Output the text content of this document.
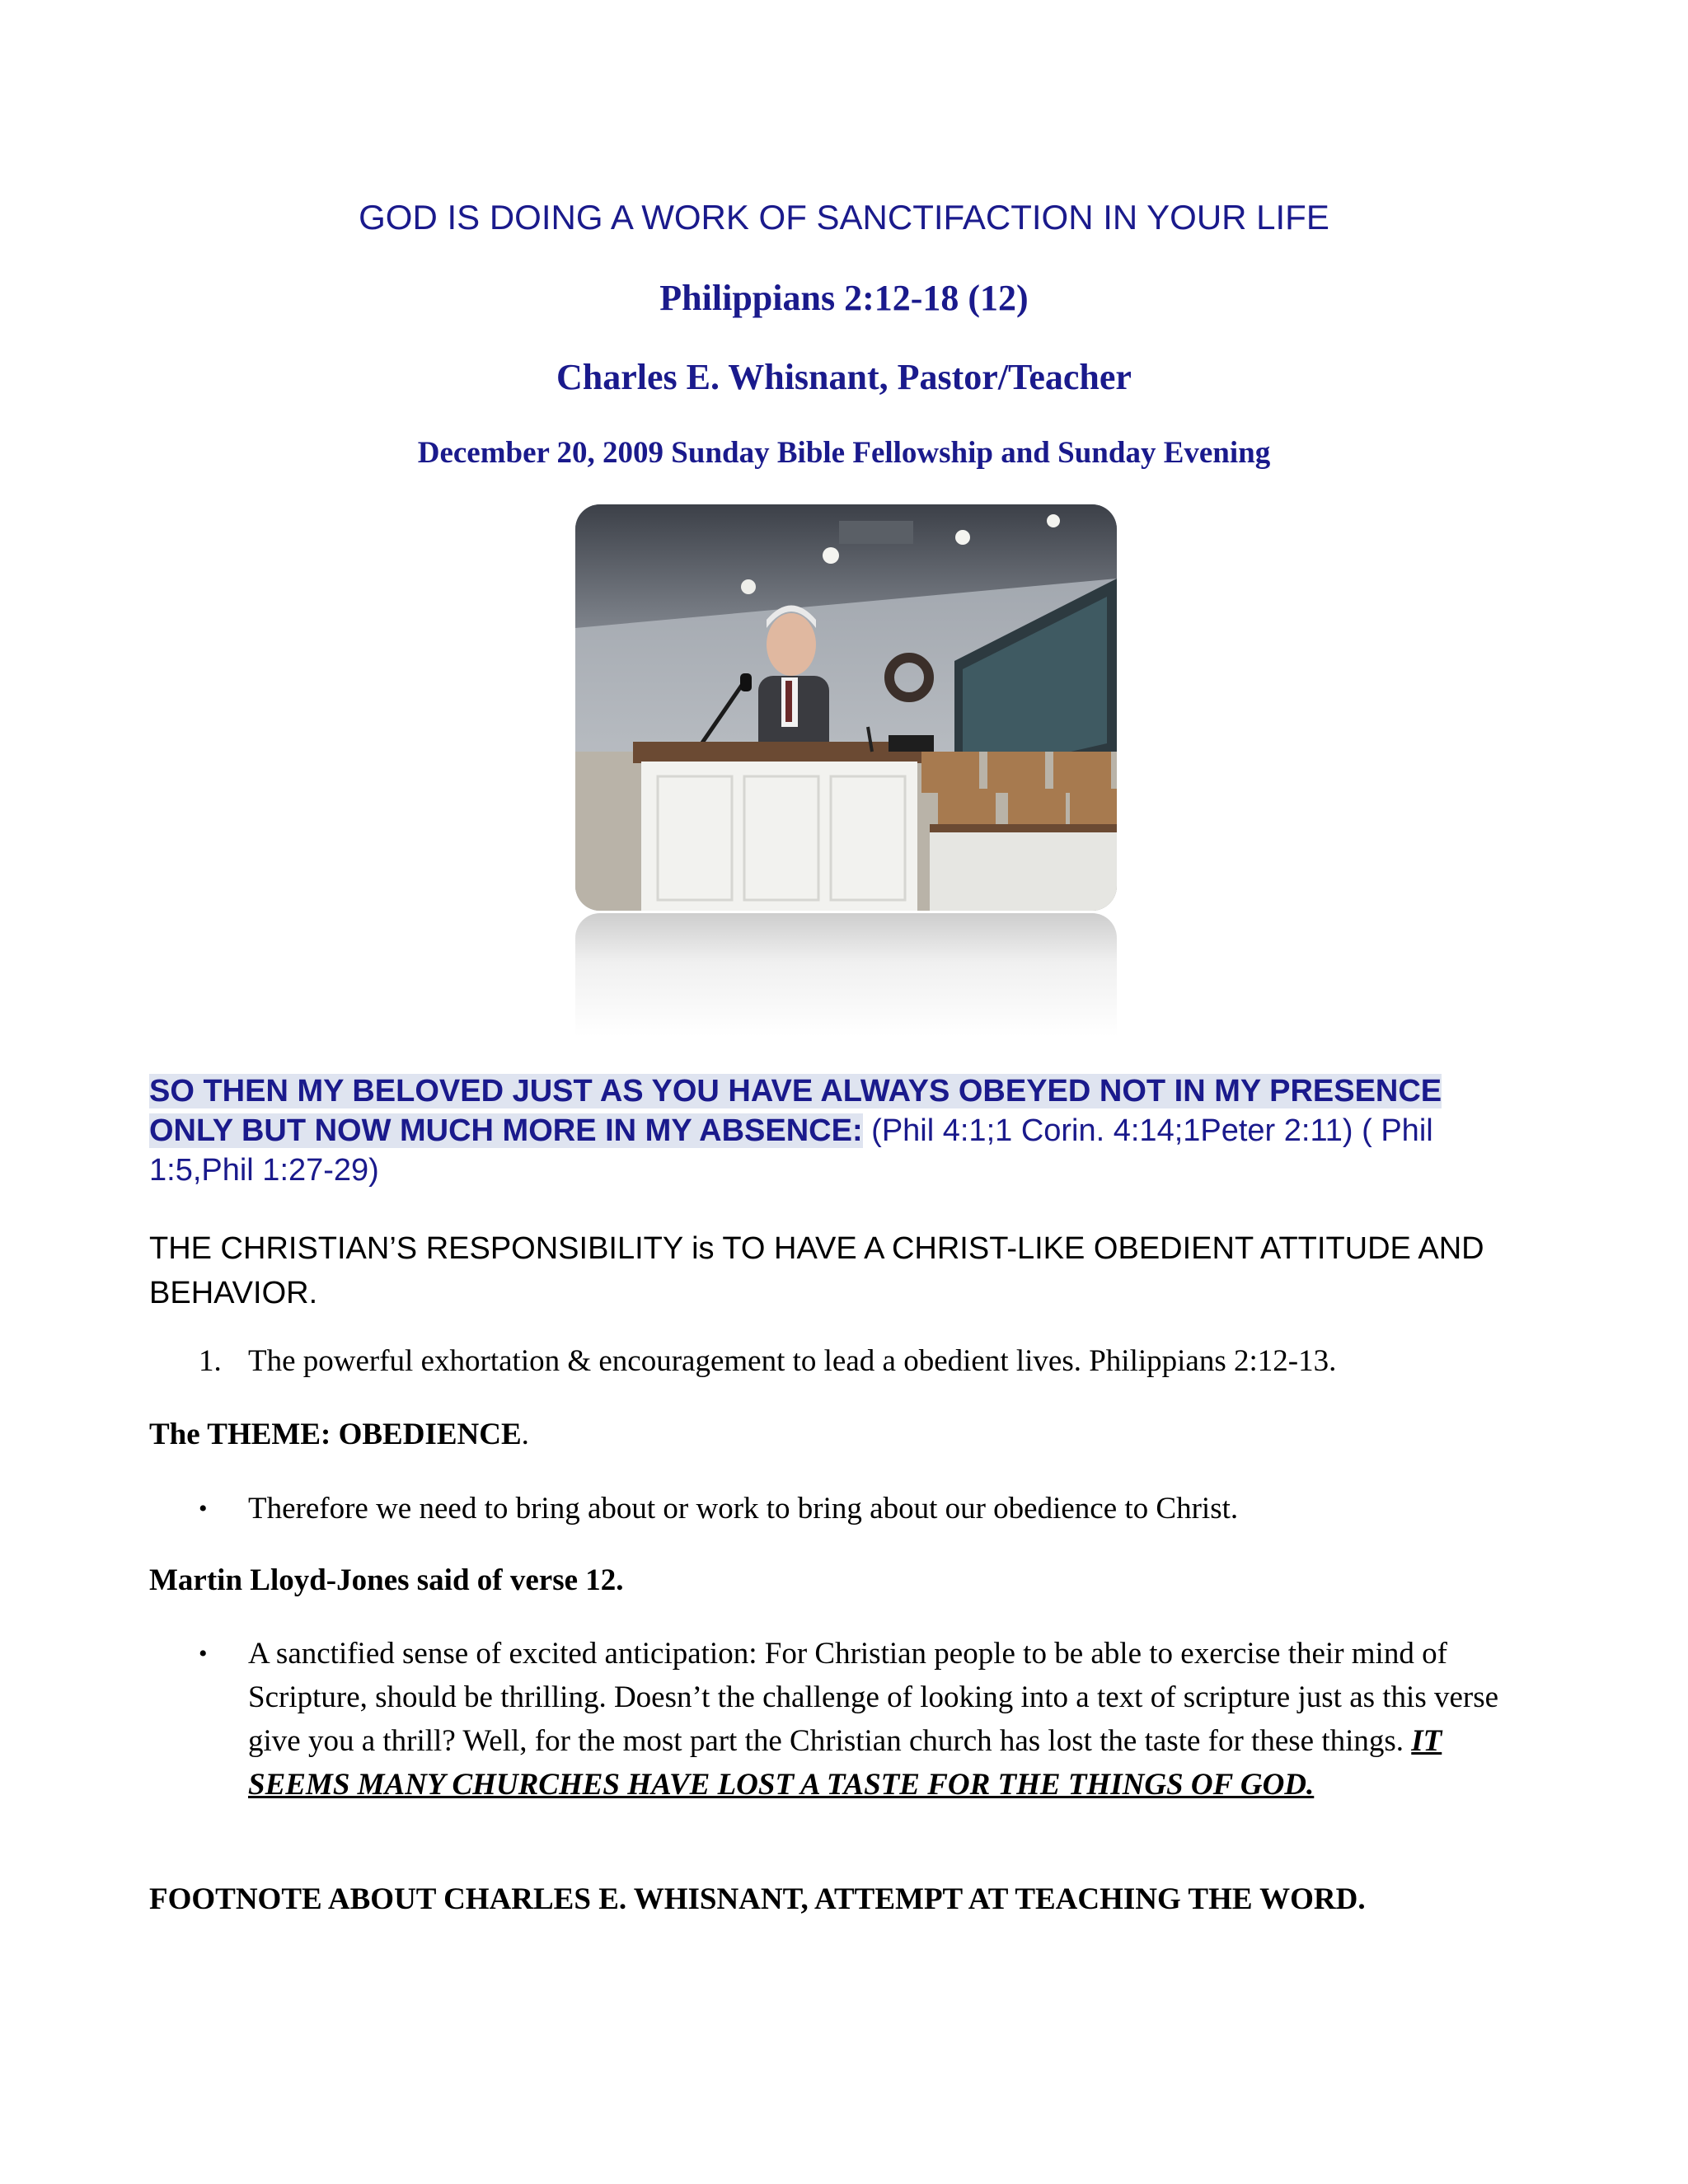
GOD IS DOING A WORK OF SANCTIFACTION IN YOUR LIFE
Philippians 2:12-18 (12)
Charles E. Whisnant, Pastor/Teacher
December 20, 2009 Sunday Bible Fellowship and Sunday Evening
SO THEN MY BELOVED JUST AS YOU HAVE ALWAYS OBEYED NOT IN MY PRESENCE ONLY BUT NOW MUCH MORE IN MY ABSENCE: (Phil 4:1;1 Corin. 4:14;1Peter 2:11) ( Phil 1:5,Phil 1:27-29)
THE CHRISTIAN’S RESPONSIBILITY is TO HAVE A CHRIST-LIKE OBEDIENT ATTITUDE AND BEHAVIOR.
1. The powerful exhortation & encouragement to lead a obedient lives. Philippians 2:12-13.
The THEME: OBEDIENCE.
• Therefore we need to bring about or work to bring about our obedience to Christ.
Martin Lloyd-Jones said of verse 12.
• A sanctified sense of excited anticipation: For Christian people to be able to exercise their mind of Scripture, should be thrilling. Doesn’t the challenge of looking into a text of scripture just as this verse give you a thrill? Well, for the most part the Christian church has lost the taste for these things. IT SEEMS MANY CHURCHES HAVE LOST A TASTE FOR THE THINGS OF GOD.
FOOTNOTE ABOUT CHARLES E. WHISNANT, ATTEMPT AT TEACHING THE WORD.
